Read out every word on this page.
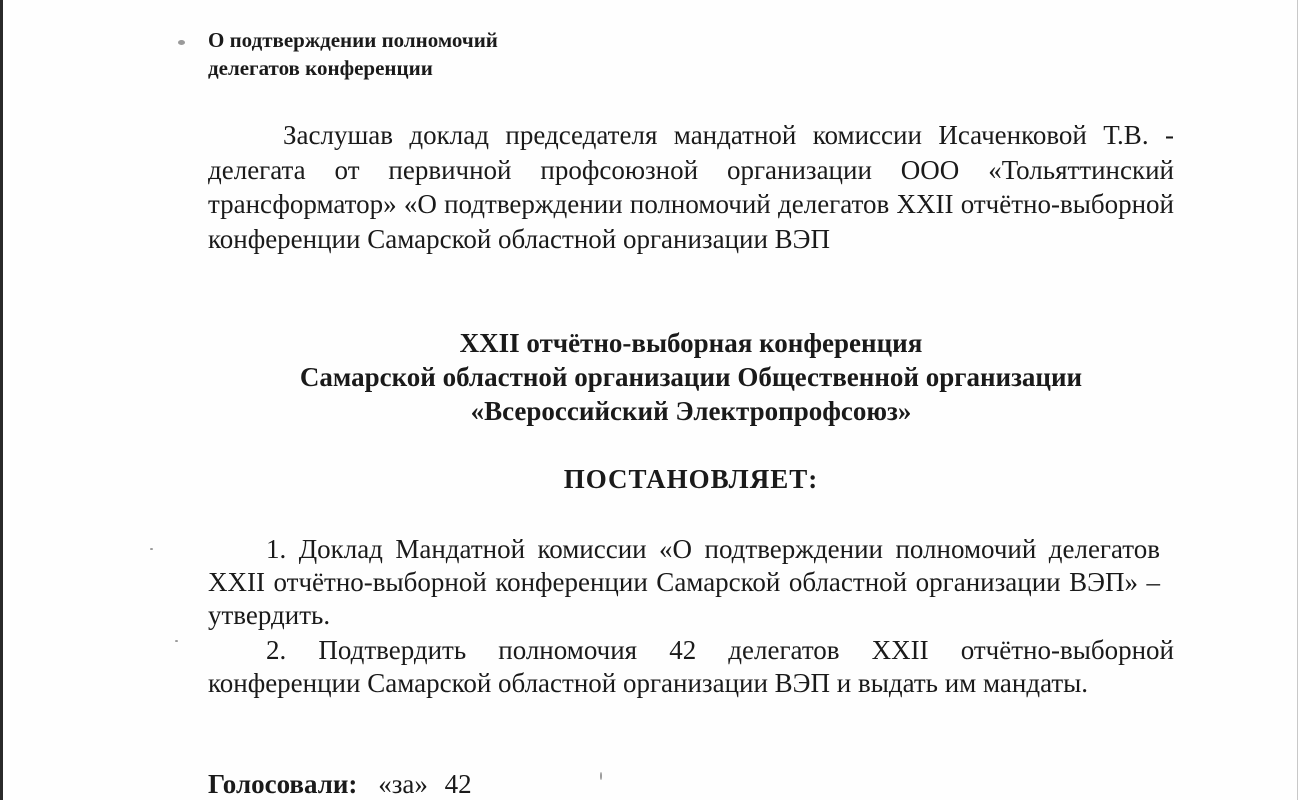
О подтверждении полномочий
делегатов конференции

Заслушав доклад председателя мандатной комиссии Исаченковой Т.В. - делегата от первичной профсоюзной организации ООО «Тольяттинский трансформатор» «О подтверждении полномочий делегатов XXII отчётно-выборной конференции Самарской областной организации ВЭП

XXII отчётно-выборная конференция
Самарской областной организации Общественной организации
«Всероссийский Электропрофсоюз»
ПОСТАНОВЛЯЕТ:

1. Доклад Мандатной комиссии «О подтверждении полномочий делегатов XXII отчётно-выборной конференции Самарской областной организации ВЭП» – утвердить.

2. Подтвердить полномочия 42 делегатов XXII отчётно-выборной конференции Самарской областной организации ВЭП и выдать им мандаты.

Голосовали: «за» 42
